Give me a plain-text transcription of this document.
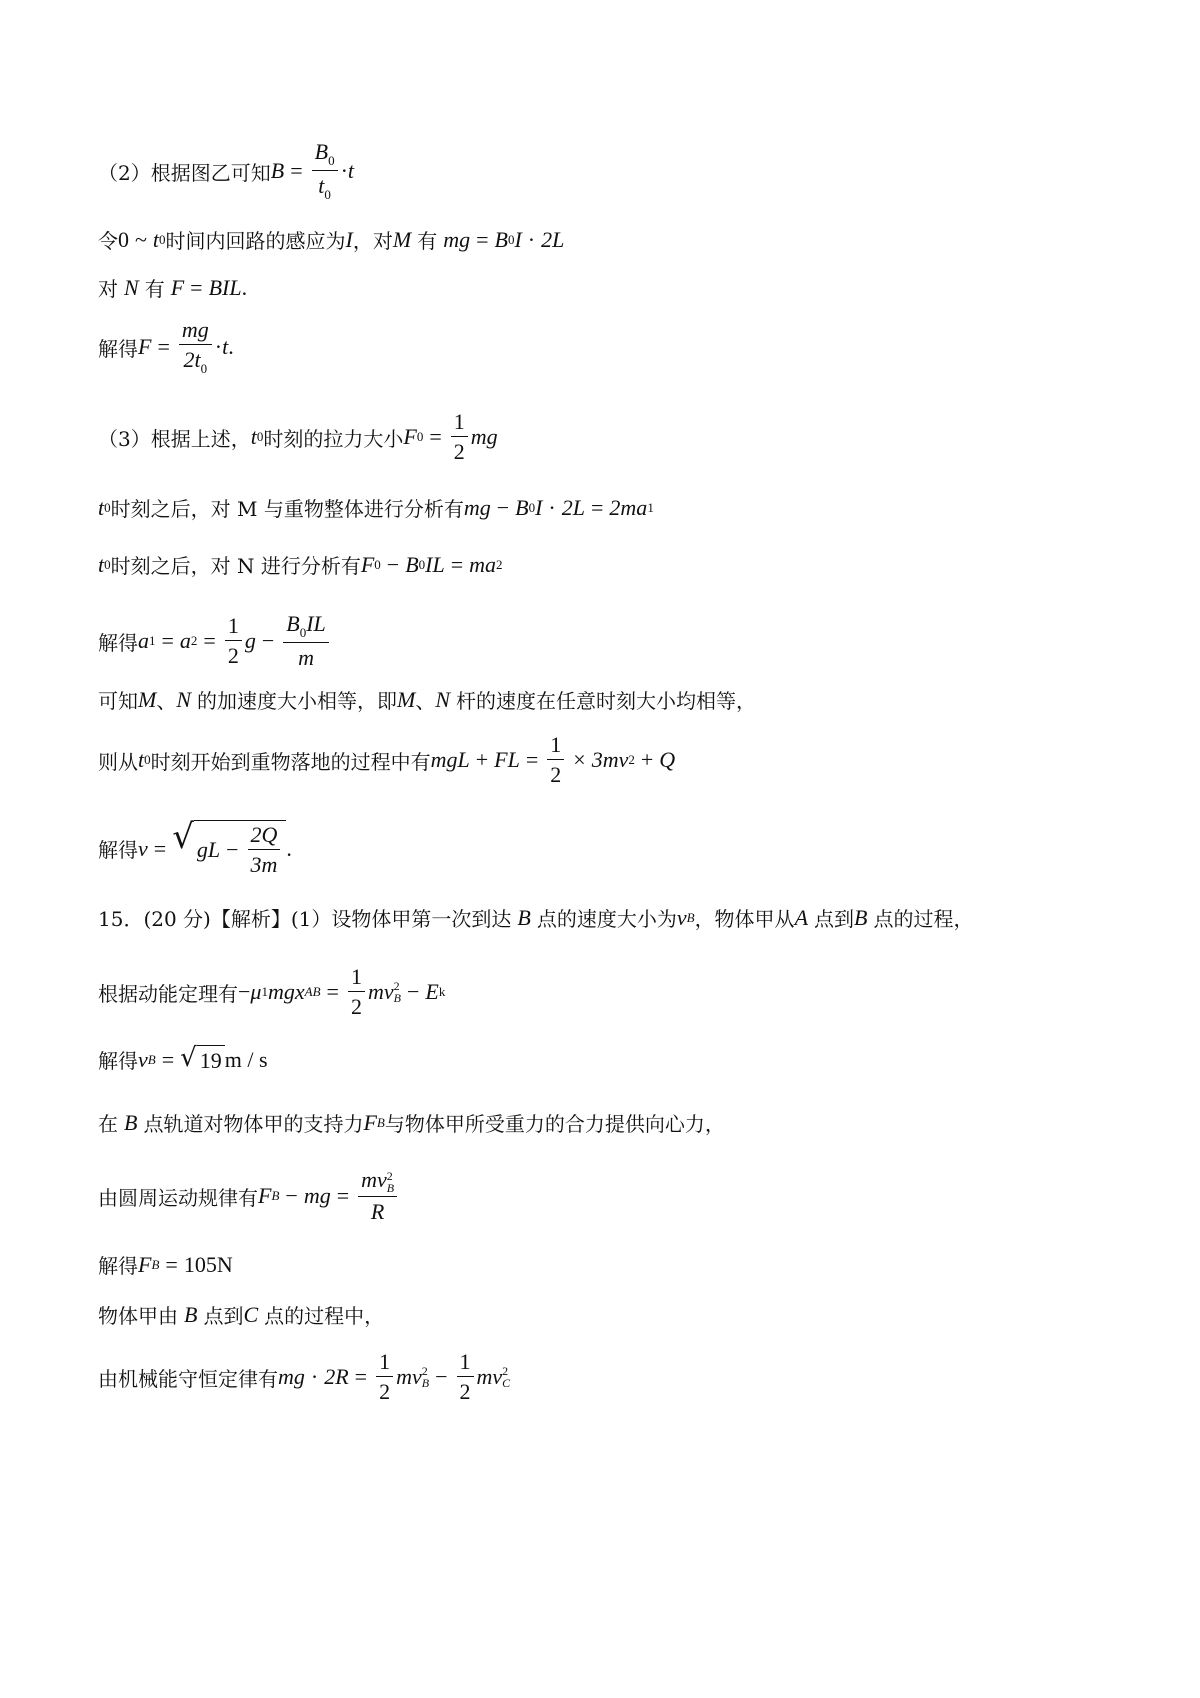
（2）根据图乙可知 $B = \frac{B_0}{t_0} \cdot t$
令 0 ~ t 0 时间内回路的感应为 I ，对 M 有 mg = B 0 I · 2L
对 N 有 F = BIL .
解得 $F = \frac{mg}{2t_0} \cdot t$ .
（3）根据上述， t 0 时刻的拉力大小 F $0 = \frac{1}{2}$ mg
t 0 时刻之后，对 M 与重物整体进行分析有 mg − B 0 I · 2L = 2ma 1
t 0 时刻之后，对 N 进行分析有 F 0 − B 0 IL = ma 2
解得 a 1 = a $2 = \frac{1}{2}$ $g - \frac{B_0IL}{m}$
可知 M 、 N 的加速度大小相等，即 M 、 N 杆的速度在任意时刻大小均相等，
则从 t 0 时刻开始到重物落地的过程中有 mgL + FL = $\frac{1}{2} \times 3mv$ 2 + Q
解得 v = √ gL − $\frac{2Q}{3m}$ .
15．(20 分)【解析】(1）设物体甲第一次到达 B 点的速度大小为 v B ，物体甲从 A 点到 B 点的过程，
根据动能定理有 − μ 1 mg x AB = $\frac{1}{2}$ mv 2
B − E k
解得 v B = √ 19 m / s
在 B 点轨道对物体甲的支持力 F B 与物体甲所受重力的合力提供向心力，
由圆周运动规律有 F B − mg = mv 2
B
R
解得 F B = 105N
物体甲由 B 点到 C 点的过程中，
由机械能守恒定律有 mg · $2R = \frac{1}{2}$ mv 2
$B - \frac{1}{2}$ mv 2
C
